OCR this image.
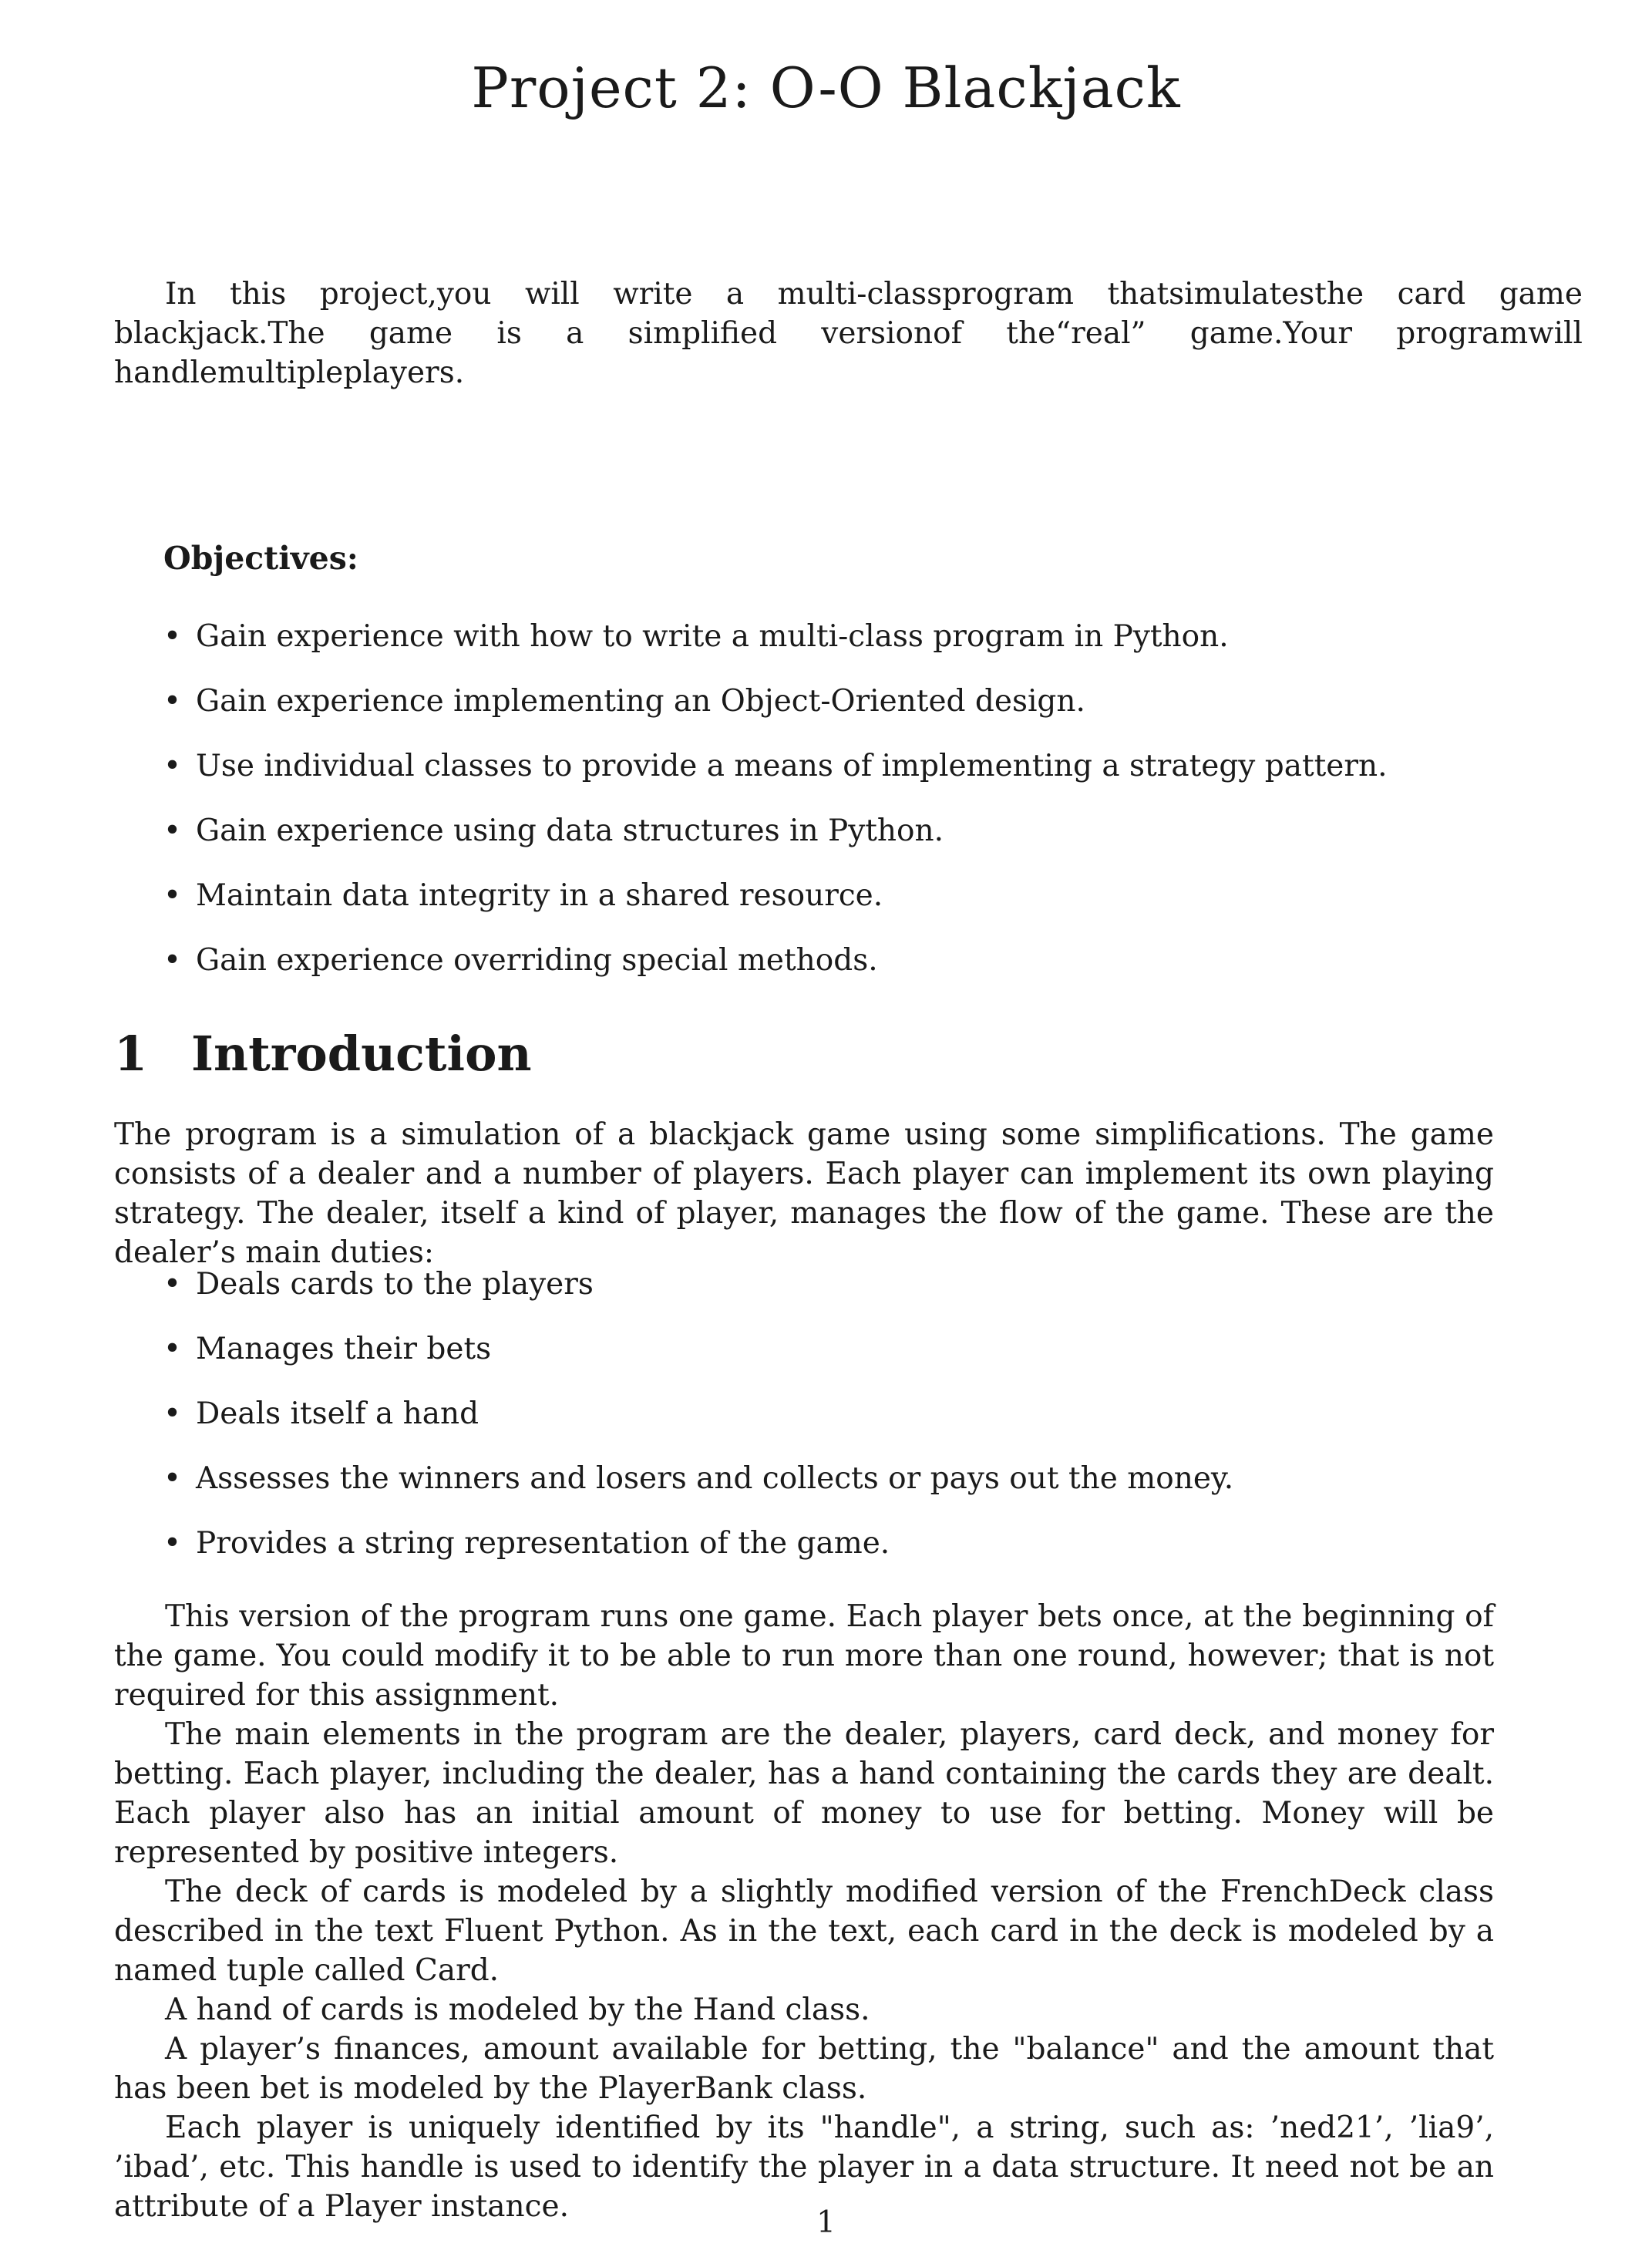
Project 2: O-O Blackjack

In this project,you will write a multi-classprogram thatsimulatesthe card game blackjack.The game is a simplified versionof the“real” game.Your programwill handlemultipleplayers.

Objectives:
• Gain experience with how to write a multi-class program in Python.
• Gain experience implementing an Object-Oriented design.
• Use individual classes to provide a means of implementing a strategy pattern.
• Gain experience using data structures in Python.
• Maintain data integrity in a shared resource.
• Gain experience overriding special methods.
1 Introduction

The program is a simulation of a blackjack game using some simplifications. The game consists of a dealer and a number of players. Each player can implement its own playing strategy. The dealer, itself a kind of player, manages the flow of the game. These are the dealer’s main duties:

• Deals cards to the players
• Manages their bets
• Deals itself a hand
• Assesses the winners and losers and collects or pays out the money.
• Provides a string representation of the game.

This version of the program runs one game. Each player bets once, at the beginning of the game. You could modify it to be able to run more than one round, however; that is not required for this assignment.

The main elements in the program are the dealer, players, card deck, and money for betting. Each player, including the dealer, has a hand containing the cards they are dealt. Each player also has an initial amount of money to use for betting. Money will be represented by positive integers.

The deck of cards is modeled by a slightly modified version of the FrenchDeck class described in the text Fluent Python. As in the text, each card in the deck is modeled by a named tuple called Card.

A hand of cards is modeled by the Hand class.

A player’s finances, amount available for betting, the "balance" and the amount that has been bet is modeled by the PlayerBank class.

Each player is uniquely identified by its "handle", a string, such as: ’ned21’, ’lia9’, ’ibad’, etc. This handle is used to identify the player in a data structure. It need not be an attribute of a Player instance.	1
